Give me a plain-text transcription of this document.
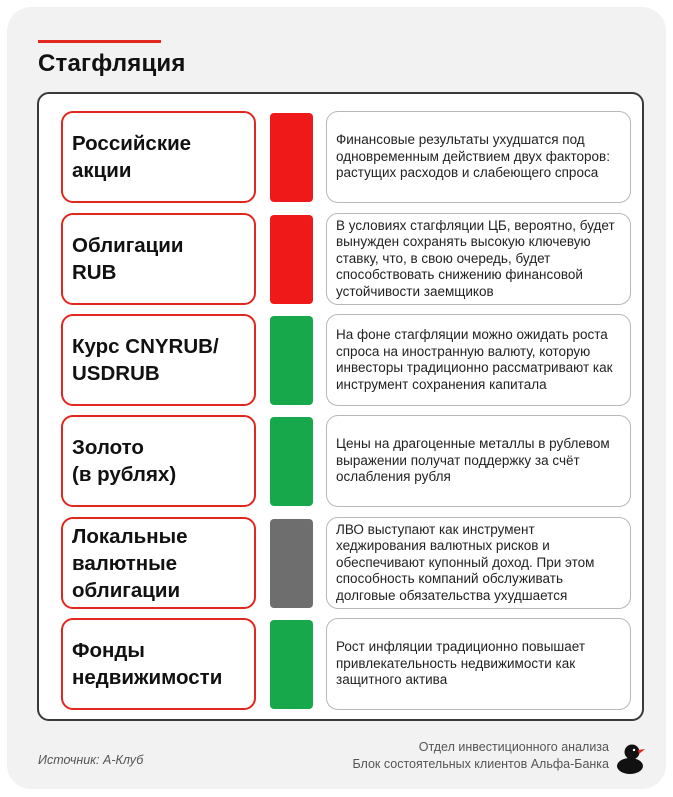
Стагфляция
Российские
акции
Финансовые результаты ухудшатся под одновременным действием двух факторов: растущих расходов и слабеющего спроса
Облигации
RUB
В условиях стагфляции ЦБ, вероятно, будет вынужден сохранять высокую ключевую ставку, что, в свою очередь, будет способствовать снижению финансовой устойчивости заемщиков
Курс CNYRUB/
USDRUB
На фоне стагфляции можно ожидать роста спроса на иностранную валюту, которую инвесторы традиционно рассматривают как инструмент сохранения капитала
Золото
(в рублях)
Цены на драгоценные металлы в рублевом выражении получат поддержку за счёт ослабления рубля
Локальные
валютные
облигации
ЛВО выступают как инструмент хеджирования валютных рисков и обеспечивают купонный доход. При этом способность компаний обслуживать долговые обязательства ухудшается
Фонды
недвижимости
Рост инфляции традиционно повышает привлекательность недвижимости как защитного актива
Источник: А-Клуб
Отдел инвестиционного анализа
Блок состоятельных клиентов Альфа-Банка
